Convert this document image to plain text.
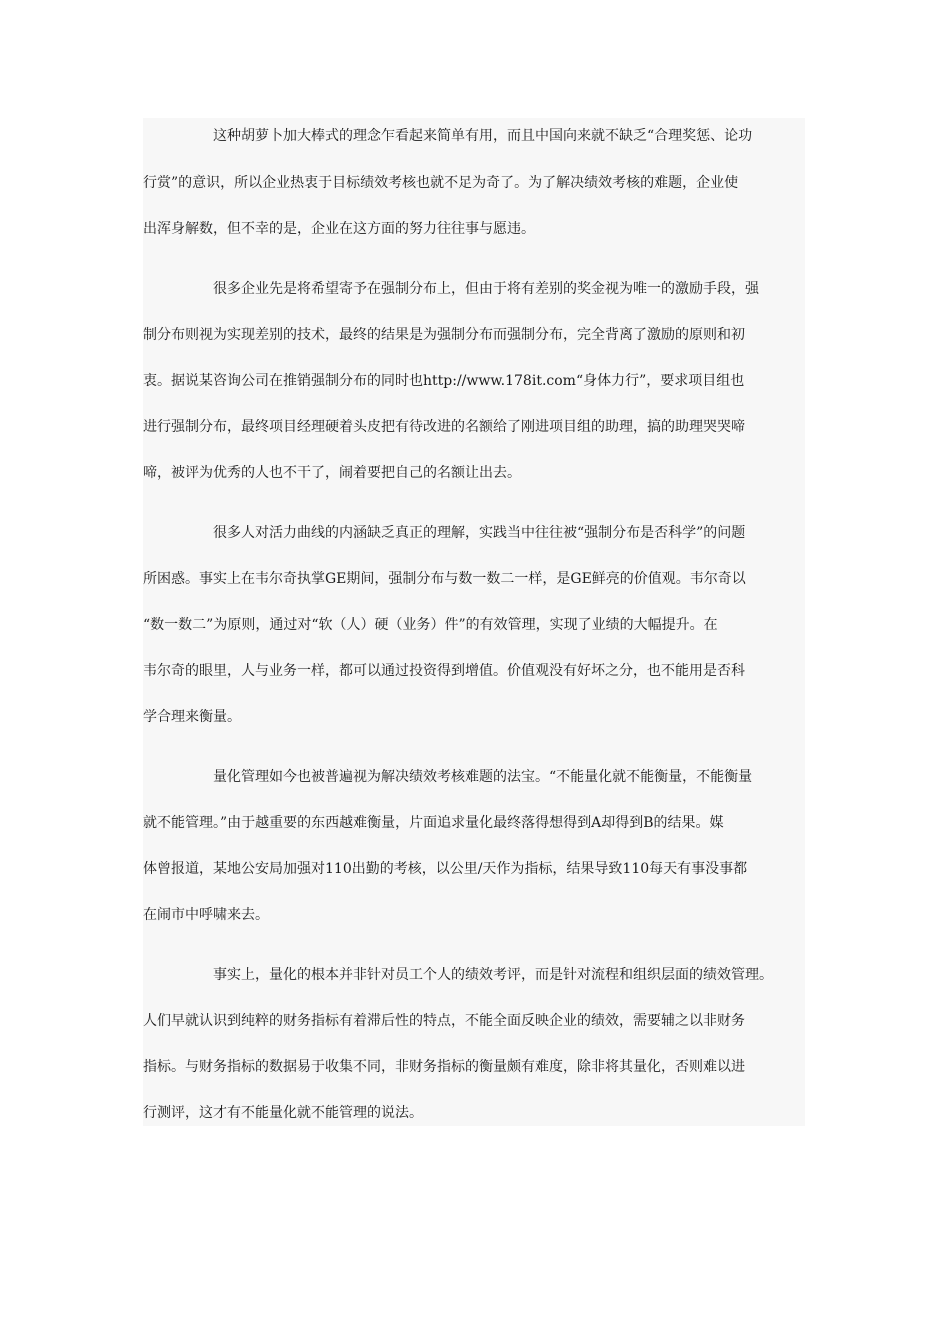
这种胡萝卜加大棒式的理念乍看起来简单有用，而且中国向来就不缺乏“合理奖惩、论功
行赏”的意识，所以企业热衷于目标绩效考核也就不足为奇了。为了解决绩效考核的难题，企业使
出浑身解数，但不幸的是，企业在这方面的努力往往事与愿违。
很多企业先是将希望寄予在强制分布上，但由于将有差别的奖金视为唯一的激励手段，强
制分布则视为实现差别的技术，最终的结果是为强制分布而强制分布，完全背离了激励的原则和初
衷。据说某咨询公司在推销强制分布的同时也http://www.178it.com“身体力行”，要求项目组也
进行强制分布，最终项目经理硬着头皮把有待改进的名额给了刚进项目组的助理，搞的助理哭哭啼
啼，被评为优秀的人也不干了，闹着要把自己的名额让出去。
很多人对活力曲线的内涵缺乏真正的理解，实践当中往往被“强制分布是否科学”的问题
所困惑。事实上在韦尔奇执掌GE期间，强制分布与数一数二一样，是GE鲜亮的价值观。韦尔奇以
“数一数二”为原则，通过对“软（人）硬（业务）件”的有效管理，实现了业绩的大幅提升。在
韦尔奇的眼里，人与业务一样，都可以通过投资得到增值。价值观没有好坏之分，也不能用是否科
学合理来衡量。
量化管理如今也被普遍视为解决绩效考核难题的法宝。“不能量化就不能衡量，不能衡量
就不能管理。”由于越重要的东西越难衡量，片面追求量化最终落得想得到A却得到B的结果。媒
体曾报道，某地公安局加强对110出勤的考核，以公里/天作为指标，结果导致110每天有事没事都
在闹市中呼啸来去。
事实上，量化的根本并非针对员工个人的绩效考评，而是针对流程和组织层面的绩效管理。
人们早就认识到纯粹的财务指标有着滞后性的特点，不能全面反映企业的绩效，需要辅之以非财务
指标。与财务指标的数据易于收集不同，非财务指标的衡量颇有难度，除非将其量化，否则难以进
行测评，这才有不能量化就不能管理的说法。
